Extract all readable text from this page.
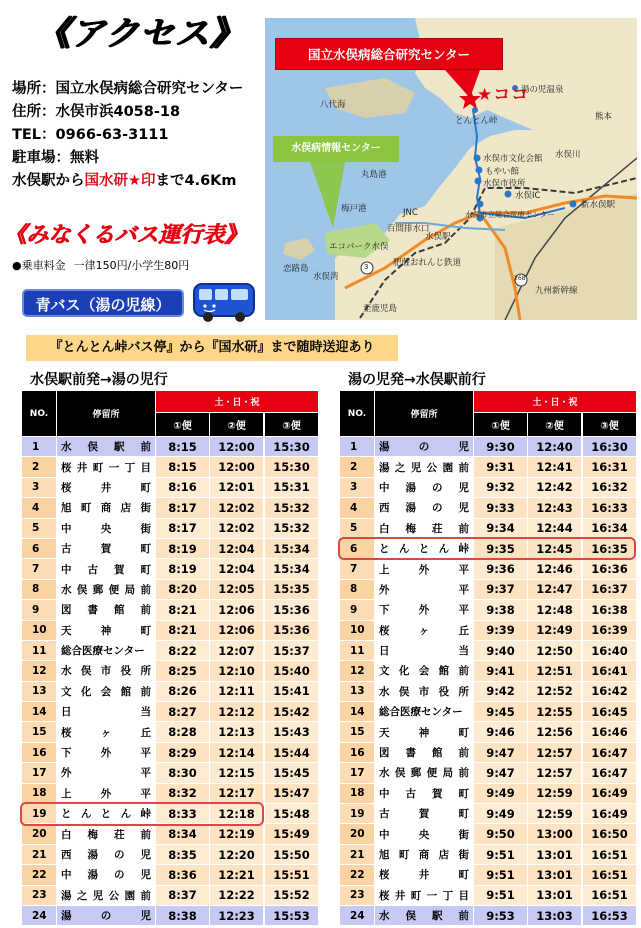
《アクセス》
場所：国立水俣病総合研究センター
住所：水俣市浜4058-18
TEL：0966-63-3111
駐車場：無料
水俣駅から国水研★印まで4.6Km
国立水俣病総合研究センター
水俣病情報センター
★ココ
八代海
湯の児温泉
とんとん峠	熊本
丸島港
梅戸港	JNC
百間排水口
エコパーク水俣
恋路島
水俣湾
水俣市文化会館
もやい館
水俣市役所
水俣IC
水俣市立総合医療センター
水俣駅
新水俣駅
肥薩おれんじ鉄道
九州新幹線
至鹿児島
水俣川
3
268
《みなくるバス運行表》
●乗車料金 一律150円/小学生80円
青バス（湯の児線）
『とんとん峠バス停』から『国水研』まで随時送迎あり
水俣駅前発→湯の児行	湯の児発→水俣駅前行
NO.	停留所
土・日・祝
①便	②便	③便
1	水 俣 駅 前	8:15	12:00	15:30
2	桜 井 町 一 丁 目	8:15	12:00	15:30
3	桜	井	町	8:16	12:01	15:31
4	旭 町 商 店 街	8:17	12:02	15:32
5	中	央	街	8:17	12:02	15:32
6	古	賀	町	8:19	12:04	15:34
7	中 古 賀 町	8:19	12:04	15:34
8	水 俣 郵 便 局 前	8:20	12:05	15:35
9	図 書 館 前	8:21	12:06	15:36
10	天	神	町	8:21	12:06	15:36
11	総合医療センター	8:22	12:07	15:37
12	水 俣 市 役 所	8:25	12:10	15:40
13	文 化 会 館 前	8:26	12:11	15:41
14	日	当	8:27	12:12	15:42
15	桜	ヶ	丘	8:28	12:13	15:43
16	下	外	平	8:29	12:14	15:44
17	外	平	8:30	12:15	15:45
18	上	外	平	8:32	12:17	15:47
19	と ん と ん 峠	8:33	12:18	15:48
20	白 梅 荘 前	8:34	12:19	15:49
21	西 湯 の 児	8:35	12:20	15:50
22	中 湯 の 児	8:36	12:21	15:51
23	湯 之 児 公 園 前	8:37	12:22	15:52
24	湯	の	児	8:38	12:23	15:53
NO.	停留所
土・日・祝
①便	②便	③便
1	湯	の	児	9:30	12:40	16:30
2	湯 之 児 公 園 前	9:31	12:41	16:31
3	中 湯 の 児	9:32	12:42	16:32
4	西 湯 の 児	9:33	12:43	16:33
5	白 梅 荘 前	9:34	12:44	16:34
6	と ん と ん 峠	9:35	12:45	16:35
7	上	外	平	9:36	12:46	16:36
8	外	平	9:37	12:47	16:37
9	下	外	平	9:38	12:48	16:38
10	桜	ヶ	丘	9:39	12:49	16:39
11	日	当	9:40	12:50	16:40
12	文 化 会 館 前	9:41	12:51	16:41
13	水 俣 市 役 所	9:42	12:52	16:42
14	総合医療センター	9:45	12:55	16:45
15	天	神	町	9:46	12:56	16:46
16	図 書 館 前	9:47	12:57	16:47
17	水 俣 郵 便 局 前	9:47	12:57	16:47
18	中 古 賀 町	9:49	12:59	16:49
19	古	賀	町	9:49	12:59	16:49
20	中	央	街	9:50	13:00	16:50
21	旭 町 商 店 街	9:51	13:01	16:51
22	桜	井	町	9:51	13:01	16:51
23	桜 井 町 一 丁 目	9:51	13:01	16:51
24	水 俣 駅 前	9:53	13:03	16:53
